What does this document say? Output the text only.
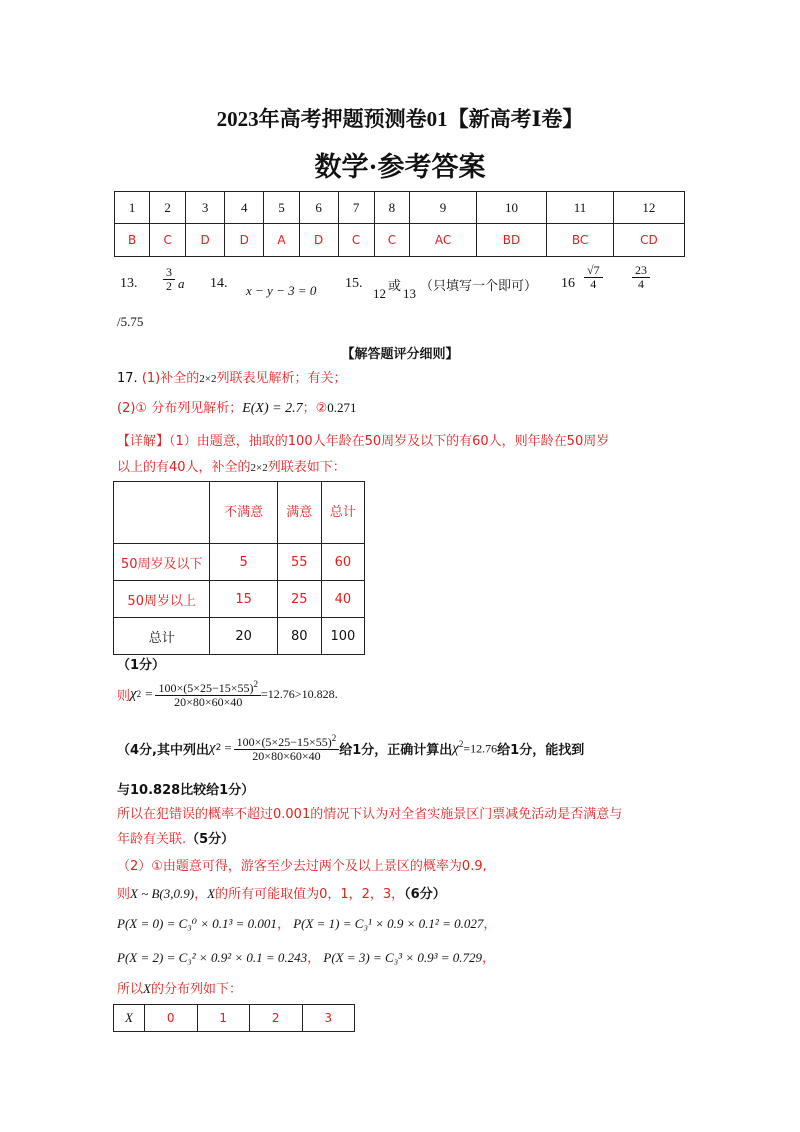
2023年高考押题预测卷01【新高考Ⅰ卷】
数学·参考答案
1	2	3	4	5	6	7	8	9	10	11	12
B	C	D	D	A	D	C	C	AC	BD	BC	CD
13. $\frac{3}{2}$ a 14. x − y − 3 = 0 15.
12
或
13
（只填写一个即可） $16 \frac{√7}{4} \frac{23}{4}$
/5.75
【解答题评分细则】
17. (1)补全的2×2列联表见解析；有关；
(2)① 分布列见解析；E(X) = 2.7；②0.271
【详解】（1）由题意，抽取的100人年龄在50周岁及以下的有60人，则年龄在50周岁
以上的有40人，补全的2×2列联表如下：
	不满意	满意	总计
50周岁及以下	5	55	60
50周岁以上	15	25	40
总计	20	80	100
（1分）
则 χ $2 = \frac{100\times(5\times 25-15\times 55)^2}{20\times 80\times 60\times 40} =12.76>10.828$ .
（4分,其中列出 χ $2 = \frac{100\times(5\times 25-15\times 55)^2}{20\times 80\times 60\times 40}$ 给1分，正确计算出 $\chi^2=12.76$ 给1分，能找到
与10.828比较给1分）
所以在犯错误的概率不超过0.001的情况下认为对全省实施景区门票减免活动是否满意与
年龄有关联.（5分）
（2）①由题意可得，游客至少去过两个及以上景区的概率为0.9,
则X ~ B(3,0.9)，X的所有可能取值为0，1，2，3，（6分）
P(X = 0) = C₃⁰ × 0.1³ = 0.001， P(X = 1) = C₃¹ × 0.9 × 0.1² = 0.027，
P(X = 2) = C₃² × 0.9² × 0.1 = 0.243， P(X = 3) = C₃³ × 0.9³ = 0.729，
所以X的分布列如下：
X	0	1	2	3
